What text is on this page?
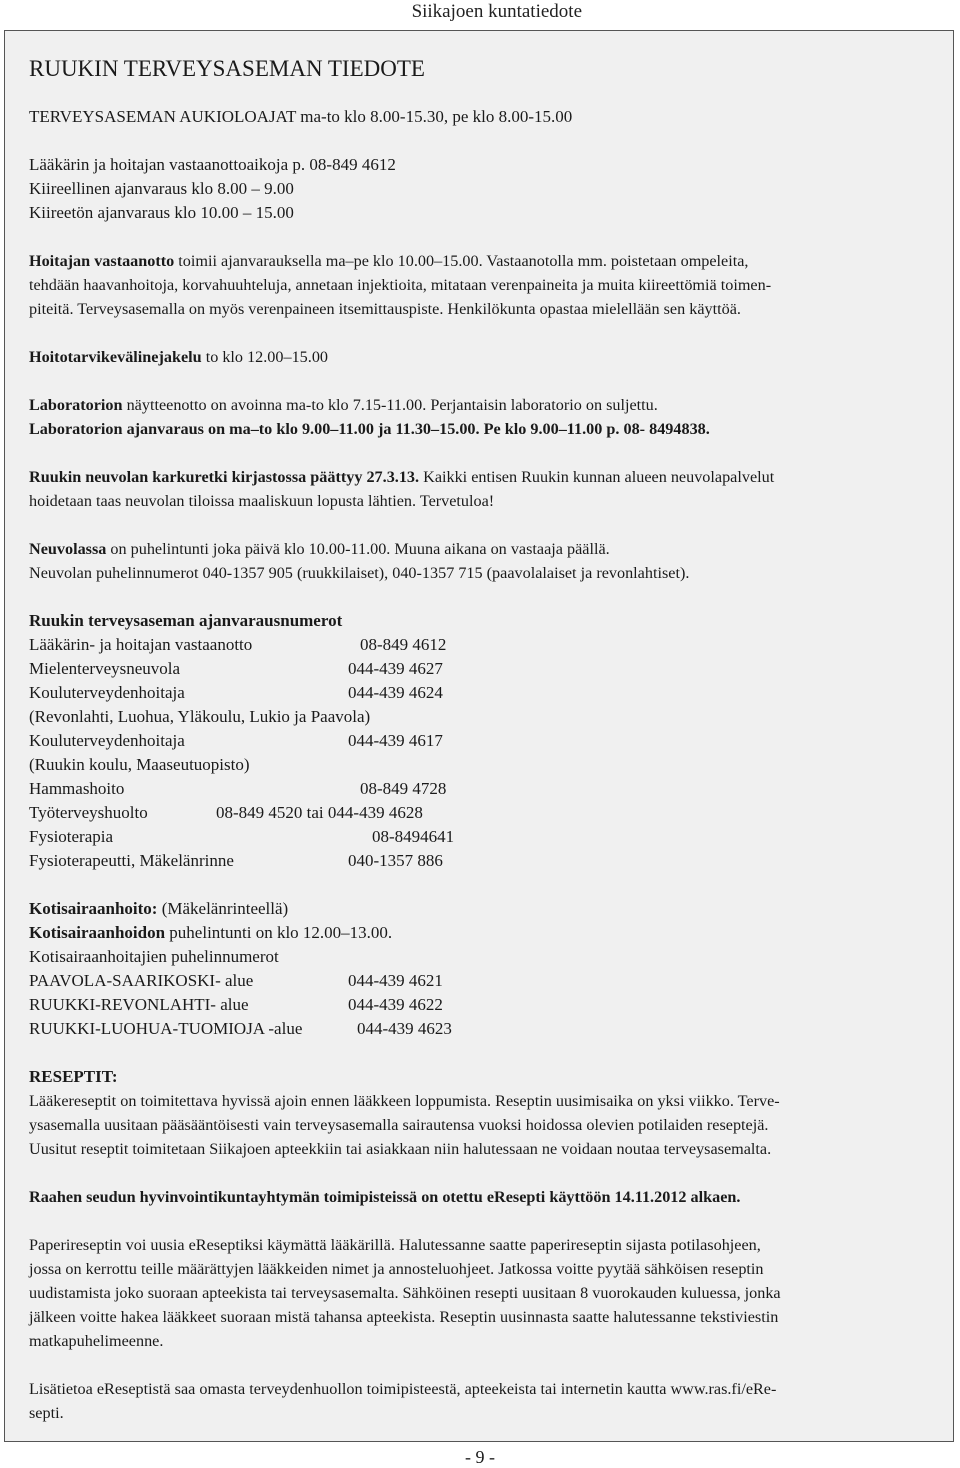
Siikajoen kuntatiedote

RUUKIN TERVEYSASEMAN TIEDOTE

TERVEYSASEMAN AUKIOLOAJAT ma-to klo 8.00-15.30, pe klo 8.00-15.00

Lääkärin ja hoitajan vastaanottoaikoja p. 08-849 4612

Kiireellinen ajanvaraus klo 8.00 – 9.00

Kiireetön ajanvaraus klo 10.00 – 15.00

Hoitajan vastaanotto toimii ajanvarauksella ma–pe klo 10.00–15.00. Vastaanotolla mm. poistetaan ompeleita,

tehdään haavanhoitoja, korvahuuhteluja, annetaan injektioita, mitataan verenpaineita ja muita kiireettömiä toimen-

piteitä. Terveysasemalla on myös verenpaineen itsemittauspiste. Henkilökunta opastaa mielellään sen käyttöä.

Hoitotarvikevälinejakelu to klo 12.00–15.00

Laboratorion näytteenotto on avoinna ma-to klo 7.15-11.00. Perjantaisin laboratorio on suljettu.

Laboratorion ajanvaraus on ma–to klo 9.00–11.00 ja 11.30–15.00. Pe klo 9.00–11.00 p. 08- 8494838.

Ruukin neuvolan karkuretki kirjastossa päättyy 27.3.13. Kaikki entisen Ruukin kunnan alueen neuvolapalvelut

hoidetaan taas neuvolan tiloissa maaliskuun lopusta lähtien. Tervetuloa!

Neuvolassa on puhelintunti joka päivä klo 10.00-11.00. Muuna aikana on vastaaja päällä.

Neuvolan puhelinnumerot 040-1357 905 (ruukkilaiset), 040-1357 715 (paavolalaiset ja revonlahtiset).

Ruukin terveysaseman ajanvarausnumerot

Lääkärin- ja hoitajan vastaanotto	08-849 4612

Mielenterveysneuvola	044-439 4627

Kouluterveydenhoitaja	044-439 4624

(Revonlahti, Luohua, Yläkoulu, Lukio ja Paavola)

Kouluterveydenhoitaja	044-439 4617

(Ruukin koulu, Maaseutuopisto)

Hammashoito	08-849 4728

Työterveyshuolto	08-849 4520 tai 044-439 4628

Fysioterapia	08-8494641

Fysioterapeutti, Mäkelänrinne	040-1357 886

Kotisairaanhoito: (Mäkelänrinteellä)

Kotisairaanhoidon puhelintunti on klo 12.00–13.00.

Kotisairaanhoitajien puhelinnumerot

PAAVOLA-SAARIKOSKI- alue	044-439 4621

RUUKKI-REVONLAHTI- alue	044-439 4622

RUUKKI-LUOHUA-TUOMIOJA -alue	044-439 4623

RESEPTIT:

Lääkereseptit on toimitettava hyvissä ajoin ennen lääkkeen loppumista. Reseptin uusimisaika on yksi viikko. Terve-

ysasemalla uusitaan pääsääntöisesti vain terveysasemalla sairautensa vuoksi hoidossa olevien potilaiden reseptejä.

Uusitut reseptit toimitetaan Siikajoen apteekkiin tai asiakkaan niin halutessaan ne voidaan noutaa terveysasemalta.

Raahen seudun hyvinvointikuntayhtymän toimipisteissä on otettu eResepti käyttöön 14.11.2012 alkaen.

Paperireseptin voi uusia eReseptiksi käymättä lääkärillä. Halutessanne saatte paperireseptin sijasta potilasohjeen,

jossa on kerrottu teille määrättyjen lääkkeiden nimet ja annosteluohjeet. Jatkossa voitte pyytää sähköisen reseptin

uudistamista joko suoraan apteekista tai terveysasemalta. Sähköinen resepti uusitaan 8 vuorokauden kuluessa, jonka

jälkeen voitte hakea lääkkeet suoraan mistä tahansa apteekista. Reseptin uusinnasta saatte halutessanne tekstiviestin

matkapuhelimeenne.

Lisätietoa eReseptistä saa omasta terveydenhuollon toimipisteestä, apteekeista tai internetin kautta www.ras.fi/eRe-

septi.

- 9 -
